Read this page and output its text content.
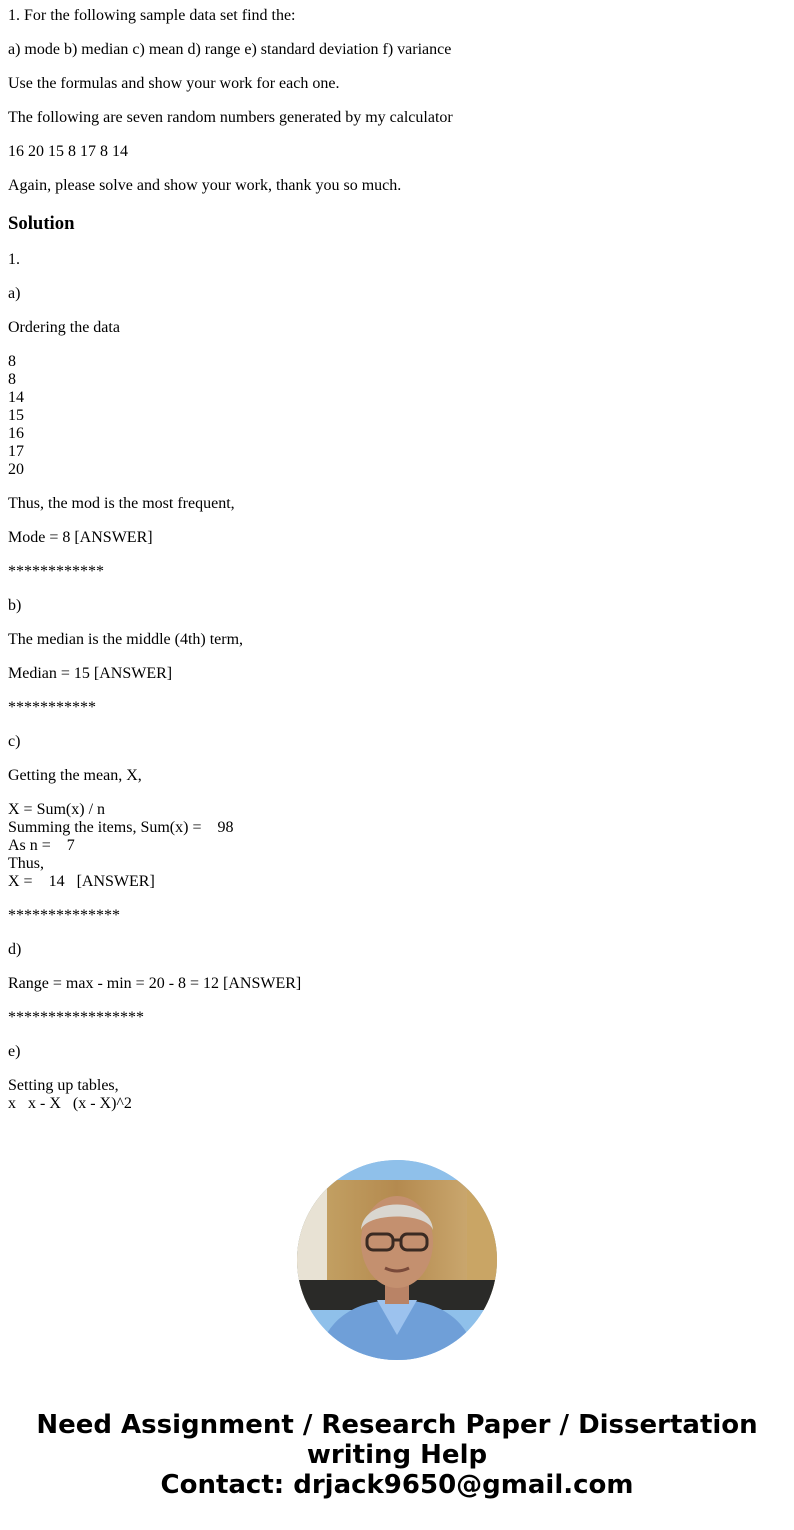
1. For the following sample data set find the:

a) mode b) median c) mean d) range e) standard deviation f) variance

Use the formulas and show your work for each one.

The following are seven random numbers generated by my calculator

16 20 15 8 17 8 14

Again, please solve and show your work, thank you so much.

Solution

1.

a)

Ordering the data

8
8
14
15
16
17
20

Thus, the mod is the most frequent,

Mode = 8 [ANSWER]

************

b)

The median is the middle (4th) term,

Median = 15 [ANSWER]

***********

c)

Getting the mean, X,

X = Sum(x) / n
Summing the items, Sum(x) =    98
As n =    7
Thus,
X =    14   [ANSWER]

**************

d)

Range = max - min = 20 - 8 = 12 [ANSWER]

*****************

e)

Setting up tables,
x   x - X   (x - X)^2
Need Assignment / Research Paper / Dissertation
writing Help
Contact: drjack9650@gmail.com
